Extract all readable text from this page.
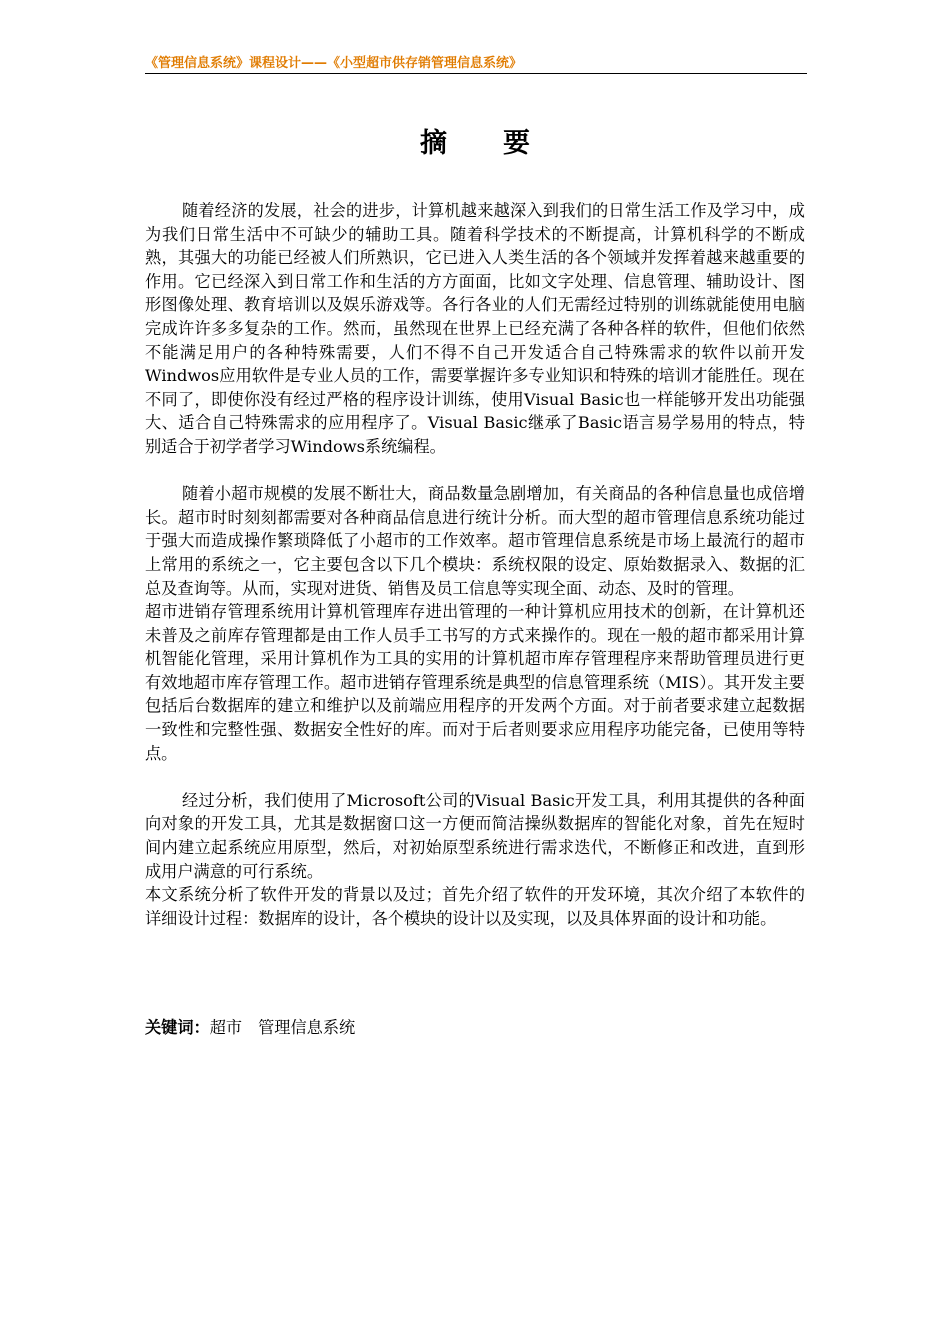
《管理信息系统》课程设计——《小型超市供存销管理信息系统》
摘要

随着经济的发展，社会的进步，计算机越来越深入到我们的日常生活工作及学习中，成为我们日常生活中不可缺少的辅助工具。随着科学技术的不断提高，计算机科学的不断成熟，其强大的功能已经被人们所熟识，它已进入人类生活的各个领域并发挥着越来越重要的作用。它已经深入到日常工作和生活的方方面面，比如文字处理、信息管理、辅助设计、图形图像处理、教育培训以及娱乐游戏等。各行各业的人们无需经过特别的训练就能使用电脑完成许许多多复杂的工作。然而，虽然现在世界上已经充满了各种各样的软件，但他们依然不能满足用户的各种特殊需要，人们不得不自己开发适合自己特殊需求的软件以前开发Windwos应用软件是专业人员的工作，需要掌握许多专业知识和特殊的培训才能胜任。现在不同了，即使你没有经过严格的程序设计训练，使用Visual Basic也一样能够开发出功能强大、适合自己特殊需求的应用程序了。Visual Basic继承了Basic语言易学易用的特点，特别适合于初学者学习Windows系统编程。

随着小超市规模的发展不断壮大，商品数量急剧增加，有关商品的各种信息量也成倍增长。超市时时刻刻都需要对各种商品信息进行统计分析。而大型的超市管理信息系统功能过于强大而造成操作繁琐降低了小超市的工作效率。超市管理信息系统是市场上最流行的超市上常用的系统之一，它主要包含以下几个模块：系统权限的设定、原始数据录入、数据的汇总及查询等。从而，实现对进货、销售及员工信息等实现全面、动态、及时的管理。

超市进销存管理系统用计算机管理库存进出管理的一种计算机应用技术的创新，在计算机还未普及之前库存管理都是由工作人员手工书写的方式来操作的。现在一般的超市都采用计算机智能化管理，采用计算机作为工具的实用的计算机超市库存管理程序来帮助管理员进行更有效地超市库存管理工作。超市进销存管理系统是典型的信息管理系统（MIS）。其开发主要包括后台数据库的建立和维护以及前端应用程序的开发两个方面。对于前者要求建立起数据一致性和完整性强、数据安全性好的库。而对于后者则要求应用程序功能完备，已使用等特点。

经过分析，我们使用了Microsoft公司的Visual Basic开发工具，利用其提供的各种面向对象的开发工具，尤其是数据窗口这一方便而简洁操纵数据库的智能化对象，首先在短时间内建立起系统应用原型，然后，对初始原型系统进行需求迭代，不断修正和改进，直到形成用户满意的可行系统。

本文系统分析了软件开发的背景以及过；首先介绍了软件的开发环境，其次介绍了本软件的详细设计过程：数据库的设计，各个模块的设计以及实现，以及具体界面的设计和功能。

关键词：超市 管理信息系统
